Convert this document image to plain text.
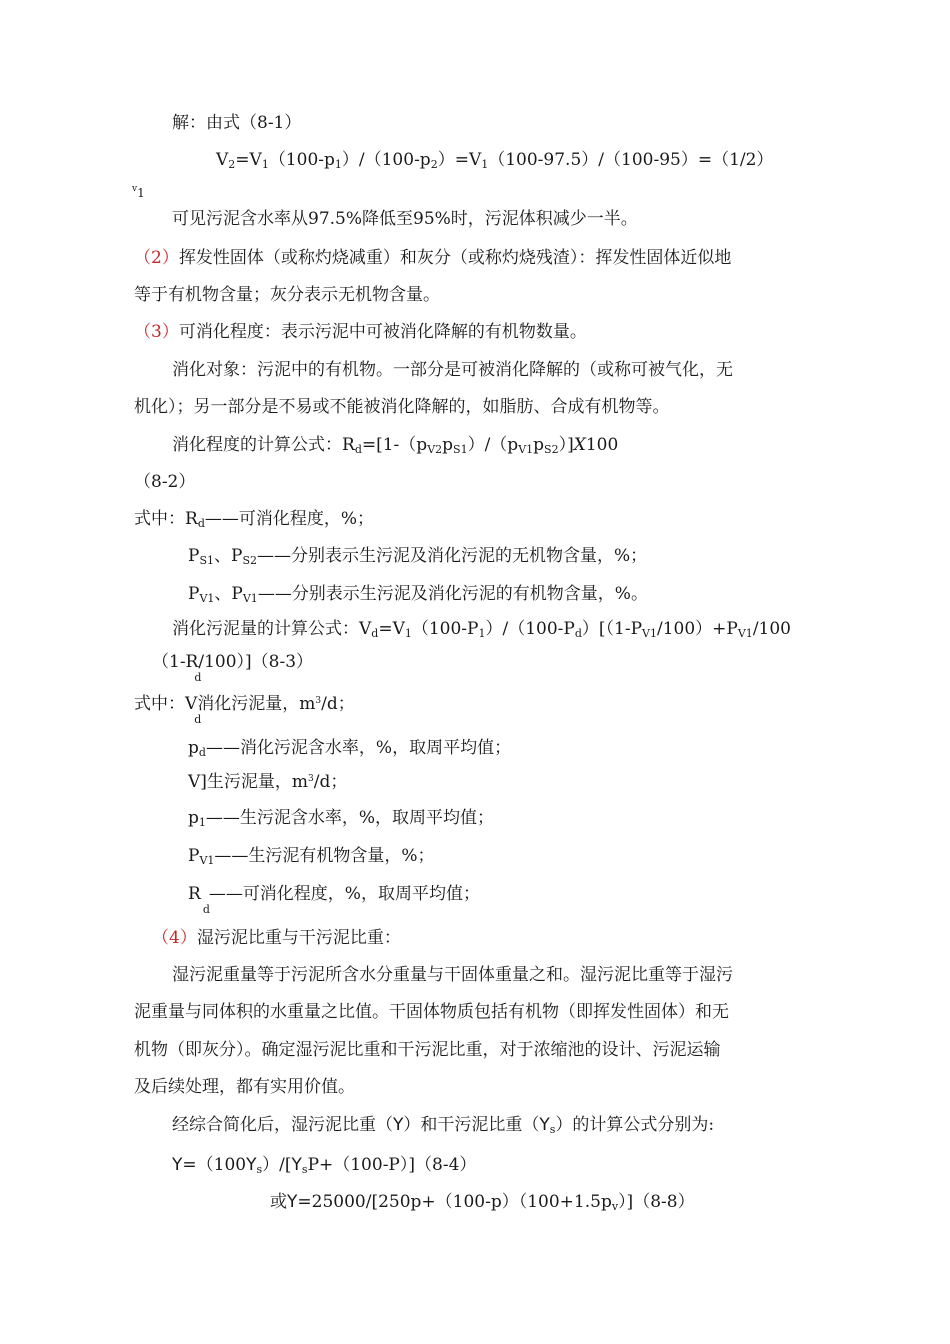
解：由式（8-1）
$V_2=V_1(100-p_1)/(100-p_2)=V_1(100-97.5)/(100-95)=(1/2)$
$^v$1
可见污泥含水率从97.5%降低至95%时，污泥体积减少一半。
（2）挥发性固体（或称灼烧减重）和灰分（或称灼烧残渣）：挥发性固体近似地
等于有机物含量；灰分表示无机物含量。
（3）可消化程度：表示污泥中可被消化降解的有机物数量。
消化对象：污泥中的有机物。一部分是可被消化降解的（或称可被气化，无
机化）；另一部分是不易或不能被消化降解的，如脂肪、合成有机物等。
消化程度的计算公式：$R_d=[1-(p_{V2}p_{S1})/(p_{V1}p_{S2})]X100$
（8-2）
式中：$R_d——$可消化程度，%；
$P_{S1}$、$P_{S2}——$分别表示生污泥及消化污泥的无机物含量，%；
$P_{V1}$、$P_{V1}——$分别表示生污泥及消化污泥的有机物含量，%。
消化污泥量的计算公式：$V_d=V_1(100-P_1)/(100-P_d)[(1-P_{V1}/100)+P_{V1}/100$
（1-R
d
/100）]（8-3）
式中：V
d
消化污泥量，$m^3/d$；
$p_d——$消化污泥含水率，%，取周平均值；
V]生污泥量，$m^3/d$；
$p_1——$生污泥含水率，%，取周平均值；
$P_{V1}——$生污泥有机物含量，%；
R
d
——可消化程度，%，取周平均值；
（4）湿污泥比重与干污泥比重：
湿污泥重量等于污泥所含水分重量与干固体重量之和。湿污泥比重等于湿污
泥重量与同体积的水重量之比值。干固体物质包括有机物（即挥发性固体）和无
机物（即灰分）。确定湿污泥比重和干污泥比重，对于浓缩池的设计、污泥运输
及后续处理，都有实用价值。
经综合简化后，湿污泥比重（Y）和干污泥比重$(Y_s)$的计算公式分别为:
$Y=(100Y_s)/[Y_sP+(100-P)](8-4)$
或$Y=25000/[250p+(100-p)(100+1.5p_v)](8-8)$
